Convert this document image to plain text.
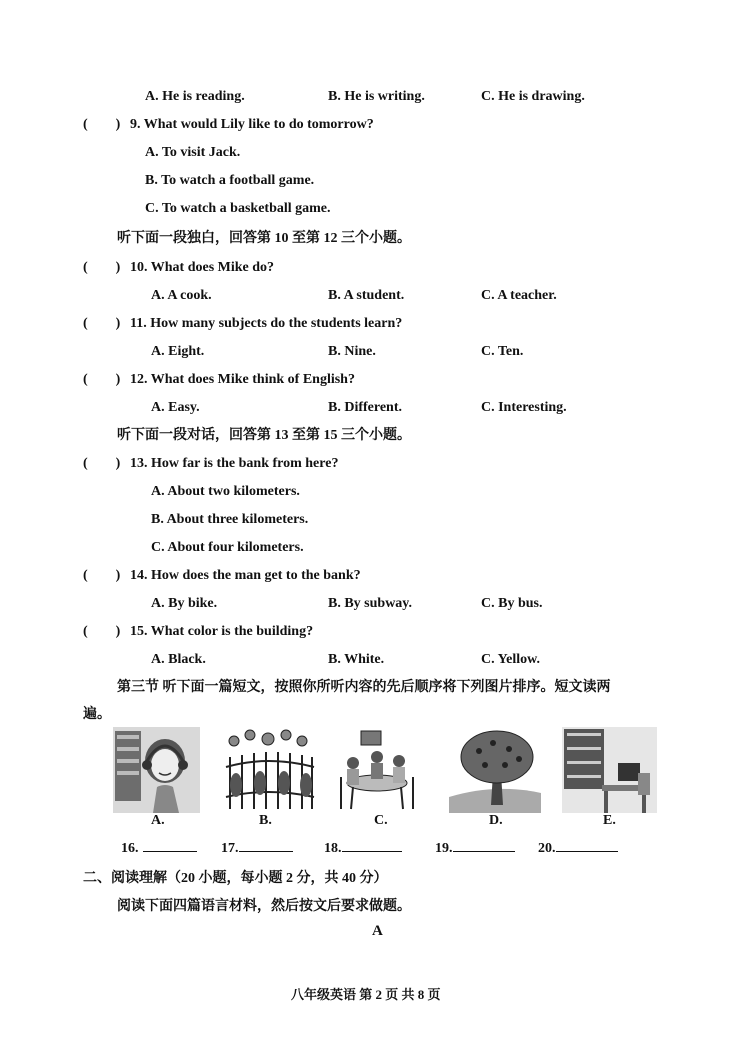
A. He is reading.	B. He is writing.	C. He is drawing.
(        ) 9. What would Lily like to do tomorrow?
A. To visit Jack.
B. To watch a football game.
C. To watch a basketball game.
听下面一段独白，回答第 10 至第 12 三个小题。
(        ) 10. What does Mike do?
A. A cook.	B. A student.	C. A teacher.
(        ) 11. How many subjects do the students learn?
A. Eight.	B. Nine.	C. Ten.
(        ) 12. What does Mike think of English?
A. Easy.	B. Different.	C. Interesting.
听下面一段对话，回答第 13 至第 15 三个小题。
(        ) 13. How far is the bank from here?
A. About two kilometers.
B. About three kilometers.
C. About four kilometers.
(        ) 14. How does the man get to the bank?
A. By bike.	B. By subway.	C. By bus.
(        ) 15. What color is the building?
A. Black.	B. White.	C. Yellow.
第三节 听下面一篇短文，按照你所听内容的先后顺序将下列图片排序。短文读两
遍。
A.	B.	C.	D.	E.
16.	17.	18.	19.	20.
二、阅读理解（20 小题，每小题 2 分，共 40 分）
阅读下面四篇语言材料，然后按文后要求做题。
A
八年级英语 第 2 页 共 8 页
